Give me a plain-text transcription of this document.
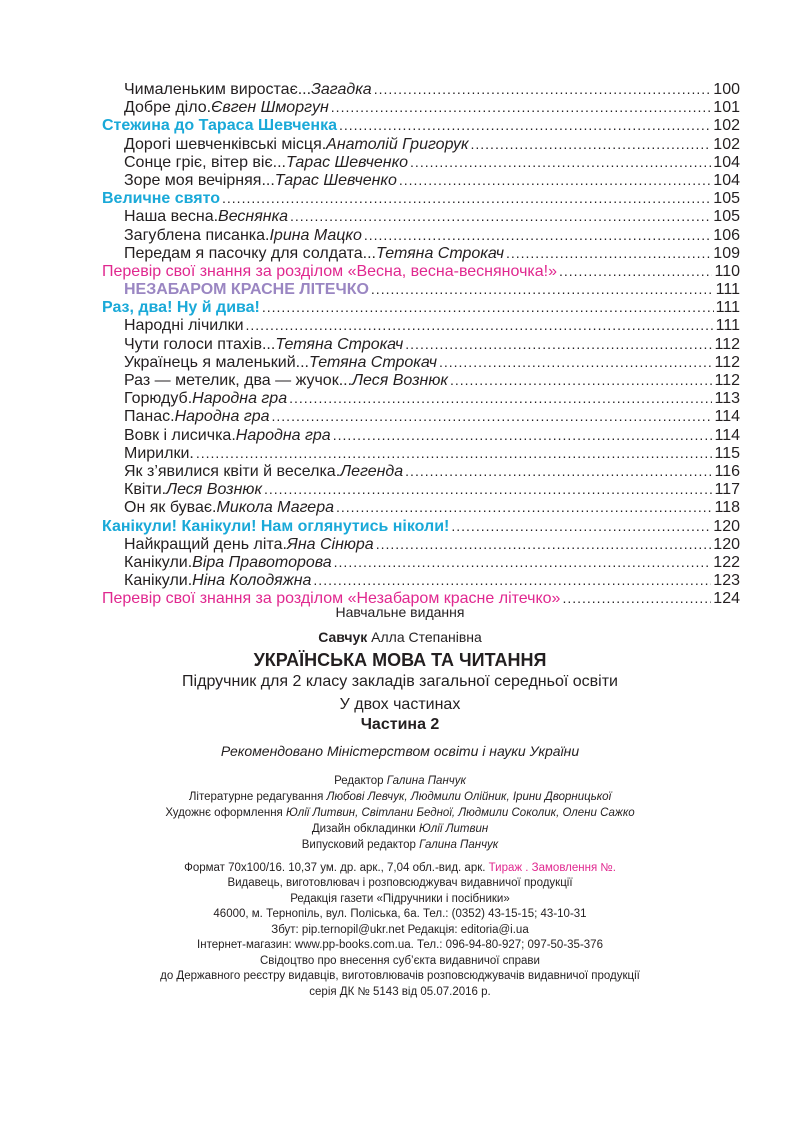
Чималеньким виростає... Загадка .....	100
Добре діло. Євген Шморгун .....	101
Стежина до Тараса Шевченка .....	102
Дорогі шевченківські місця. Анатолій Григорук .....	102
Сонце гріє, вітер віє... Тарас Шевченко .....	104
Зоре моя вечірняя... Тарас Шевченко .....	104
Величне свято .....	105
Наша весна. Веснянка .....	105
Загублена писанка. Ірина Мацко .....	106
Передам я пасочку для солдата... Тетяна Строкач .....	109
Перевір свої знання за розділом «Весна, весна-весняночка!» .....	110
НЕЗАБАРОМ КРАСНЕ ЛІТЕЧКО .....	111
Раз, два! Ну й дива! .....	111
Народні лічилки .....	111
Чути голоси птахів... Тетяна Строкач .....	112
Українець я маленький... Тетяна Строкач .....	112
Раз — метелик, два — жучок... Леся Вознюк .....	112
Горюдуб. Народна гра .....	113
Панас. Народна гра .....	114
Вовк і лисичка. Народна гра .....	114
Мирилки. .....	115
Як з’явилися квіти й веселка. Легенда .....	116
Квіти. Леся Вознюк .....	117
Он як буває. Микола Магера .....	118
Канікули! Канікули! Нам оглянутись ніколи! .....	120
Найкращий день літа. Яна Сінюра .....	120
Канікули. Віра Правоторова .....	122
Канікули. Ніна Колодяжна .....	123
Перевір свої знання за розділом «Незабаром красне літечко» .....	124
Навчальне видання
Савчук Алла Степанівна
УКРАЇНСЬКА МОВА ТА ЧИТАННЯ
Підручник для 2 класу закладів загальної середньої освіти
У двох частинах
Частина 2
Рекомендовано Міністерством освіти і науки України
Редактор Галина Панчук
Літературне редагування Любові Левчук, Людмили Олійник, Ірини Дворницької
Художнє оформлення Юлії Литвин, Світлани Бедної, Людмили Соколик, Олени Сажко
Дизайн обкладинки Юлії Литвин
Випусковий редактор Галина Панчук
Формат 70x100/16. 10,37 ум. др. арк., 7,04 обл.-вид. арк. Тираж . Замовлення №.
Видавець, виготовлювач і розповсюджувач видавничої продукції
Редакція газети «Підручники і посібники»
46000, м. Тернопіль, вул. Поліська, 6а. Тел.: (0352) 43-15-15; 43-10-31
Збут: pip.ternopil@ukr.net Редакція: editoria@i.ua
Інтернет-магазин: www.pp-books.com.ua. Тел.: 096-94-80-927; 097-50-35-376
Свідоцтво про внесення суб’єкта видавничої справи
до Державного реєстру видавців, виготовлювачів розповсюджувачів видавничої продукції
серія ДК № 5143 від 05.07.2016 р.
